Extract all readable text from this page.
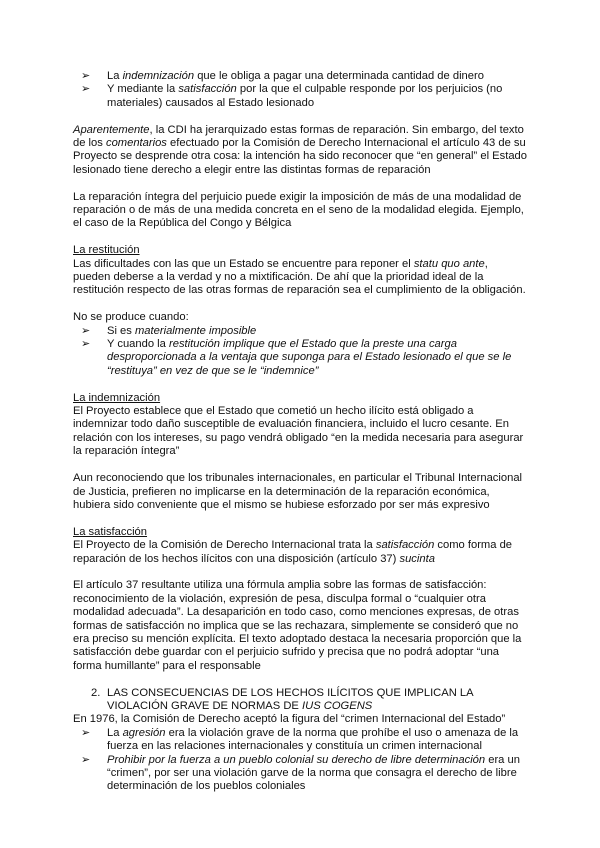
➢ La indemnización que le obliga a pagar una determinada cantidad de dinero
➢ Y mediante la satisfacción por la que el culpable responde por los perjuicios (no materiales) causados al Estado lesionado

Aparentemente, la CDI ha jerarquizado estas formas de reparación. Sin embargo, del texto de los comentarios efectuado por la Comisión de Derecho Internacional el artículo 43 de su Proyecto se desprende otra cosa: la intención ha sido reconocer que “en general” el Estado lesionado tiene derecho a elegir entre las distintas formas de reparación

La reparación íntegra del perjuicio puede exigir la imposición de más de una modalidad de reparación o de más de una medida concreta en el seno de la modalidad elegida. Ejemplo, el caso de la República del Congo y Bélgica

La restitución

Las dificultades con las que un Estado se encuentre para reponer el statu quo ante, pueden deberse a la verdad y no a mixtificación. De ahí que la prioridad ideal de la restitución respecto de las otras formas de reparación sea el cumplimiento de la obligación.

No se produce cuando:

➢ Si es materialmente imposible
➢ Y cuando la restitución implique que el Estado que la preste una carga desproporcionada a la ventaja que suponga para el Estado lesionado el que se le “restituya” en vez de que se le “indemnice”

La indemnización

El Proyecto establece que el Estado que cometió un hecho ilícito está obligado a indemnizar todo daño susceptible de evaluación financiera, incluido el lucro cesante. En relación con los intereses, su pago vendrá obligado “en la medida necesaria para asegurar la reparación íntegra”

Aun reconociendo que los tribunales internacionales, en particular el Tribunal Internacional de Justicia, prefieren no implicarse en la determinación de la reparación económica, hubiera sido conveniente que el mismo se hubiese esforzado por ser más expresivo

La satisfacción

El Proyecto de la Comisión de Derecho Internacional trata la satisfacción como forma de reparación de los hechos ilícitos con una disposición (artículo 37) sucinta

El artículo 37 resultante utiliza una fórmula amplia sobre las formas de satisfacción: reconocimiento de la violación, expresión de pesa, disculpa formal o “cualquier otra modalidad adecuada”. La desaparición en todo caso, como menciones expresas, de otras formas de satisfacción no implica que se las rechazara, simplemente se consideró que no era preciso su mención explícita. El texto adoptado destaca la necesaria proporción que la satisfacción debe guardar con el perjuicio sufrido y precisa que no podrá adoptar “una forma humillante” para el responsable

2. LAS CONSECUENCIAS DE LOS HECHOS ILÍCITOS QUE IMPLICAN LA VIOLACIÓN GRAVE DE NORMAS DE IUS COGENS

En 1976, la Comisión de Derecho aceptó la figura del “crimen Internacional del Estado”

➢ La agresión era la violación grave de la norma que prohíbe el uso o amenaza de la fuerza en las relaciones internacionales y constituía un crimen internacional
➢ Prohibir por la fuerza a un pueblo colonial su derecho de libre determinación era un “crimen”, por ser una violación garve de la norma que consagra el derecho de libre determinación de los pueblos coloniales
